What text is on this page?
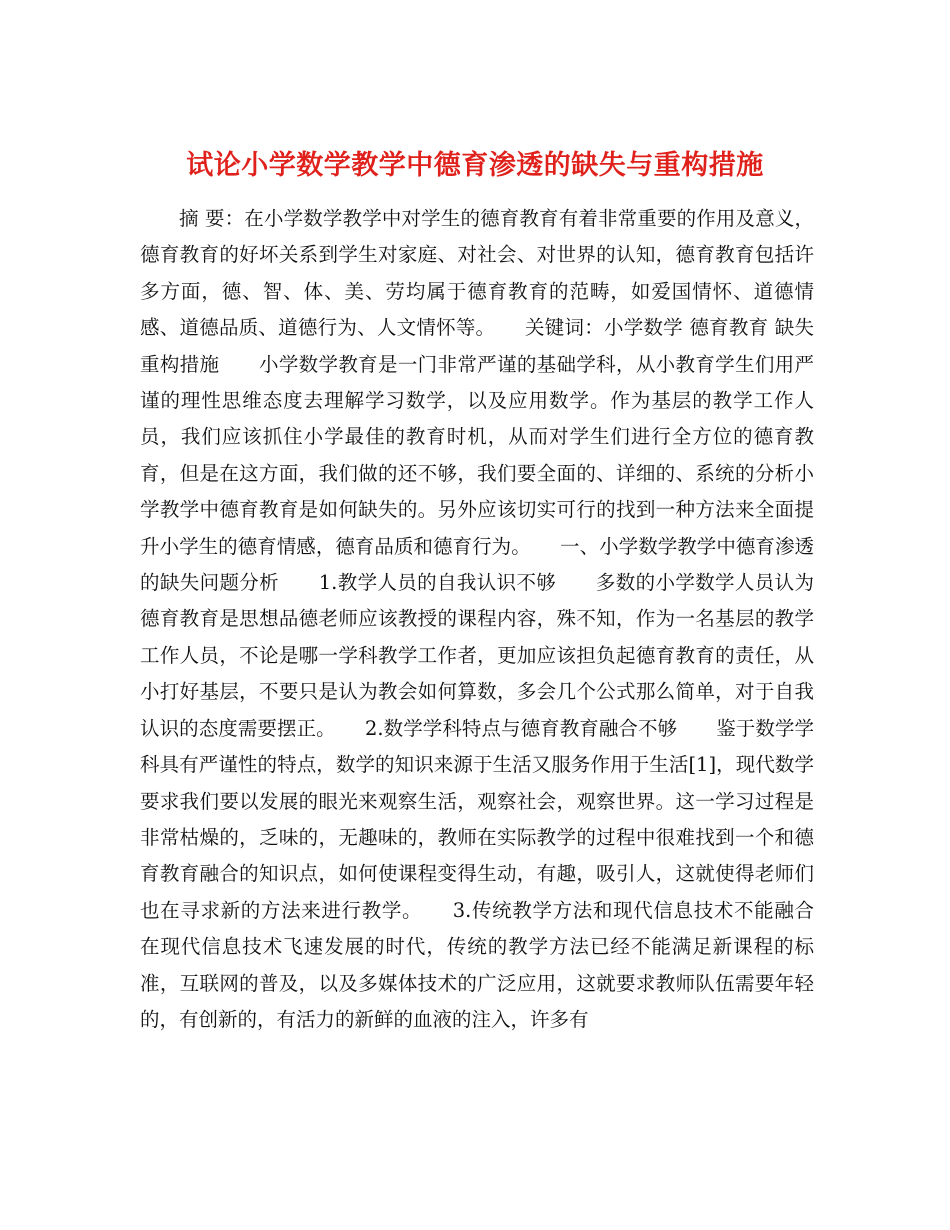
试论小学数学教学中德育渗透的缺失与重构措施

摘 要：在小学数学教学中对学生的德育教育有着非常重要的作用及意义，德育教育的好坏关系到学生对家庭、对社会、对世界的认知，德育教育包括许多方面，德、智、体、美、劳均属于德育教育的范畴，如爱国情怀、道德情感、道德品质、道德行为、人文情怀等。　　关键词：小学数学 德育教育 缺失 重构措施　　小学数学教育是一门非常严谨的基础学科，从小教育学生们用严谨的理性思维态度去理解学习数学，以及应用数学。作为基层的教学工作人员，我们应该抓住小学最佳的教育时机，从而对学生们进行全方位的德育教育，但是在这方面，我们做的还不够，我们要全面的、详细的、系统的分析小学教学中德育教育是如何缺失的。另外应该切实可行的找到一种方法来全面提升小学生的德育情感，德育品质和德育行为。　　一、小学数学教学中德育渗透的缺失问题分析　　1.教学人员的自我认识不够　　多数的小学数学人员认为德育教育是思想品德老师应该教授的课程内容，殊不知，作为一名基层的教学工作人员，不论是哪一学科教学工作者，更加应该担负起德育教育的责任，从小打好基层，不要只是认为教会如何算数，多会几个公式那么简单，对于自我认识的态度需要摆正。　　2.数学学科特点与德育教育融合不够　　鉴于数学学科具有严谨性的特点，数学的知识来源于生活又服务作用于生活[1]，现代数学要求我们要以发展的眼光来观察生活，观察社会，观察世界。这一学习过程是非常枯燥的，乏味的，无趣味的，教师在实际教学的过程中很难找到一个和德育教育融合的知识点，如何使课程变得生动，有趣，吸引人，这就使得老师们也在寻求新的方法来进行教学。　　3.传统教学方法和现代信息技术不能融合　　在现代信息技术飞速发展的时代，传统的教学方法已经不能满足新课程的标准，互联网的普及，以及多媒体技术的广泛应用，这就要求教师队伍需要年轻的，有创新的，有活力的新鲜的血液的注入，许多有
